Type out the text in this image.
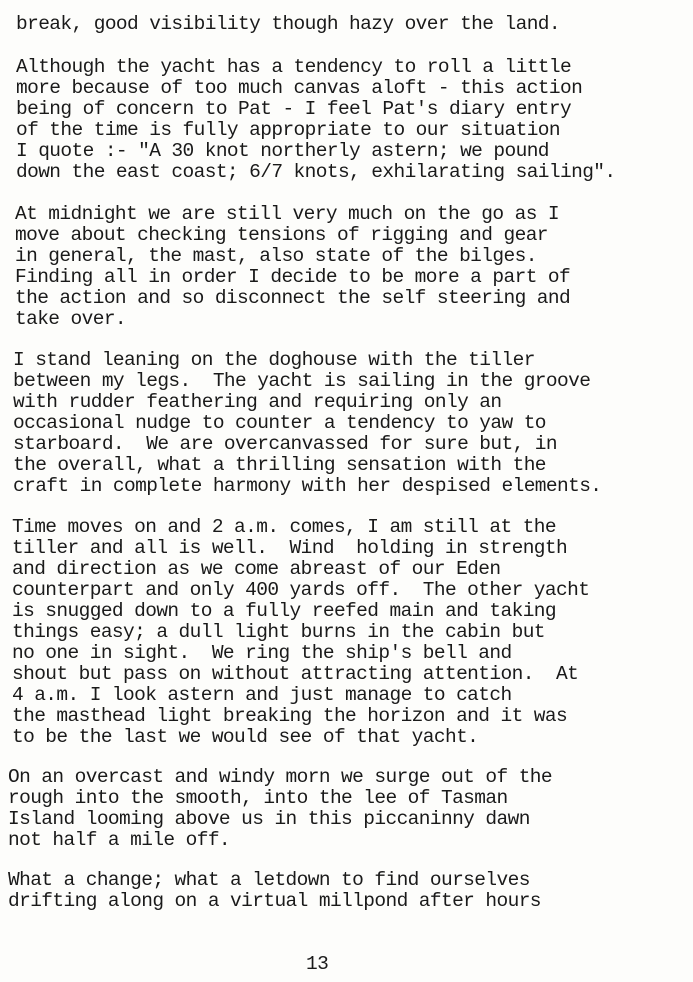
break, good visibility though hazy over the land.
Although the yacht has a tendency to roll a little
more because of too much canvas aloft - this action
being of concern to Pat - I feel Pat's diary entry
of the time is fully appropriate to our situation
I quote :- "A 30 knot northerly astern; we pound
down the east coast; 6/7 knots, exhilarating sailing".
At midnight we are still very much on the go as I
move about checking tensions of rigging and gear
in general, the mast, also state of the bilges.
Finding all in order I decide to be more a part of
the action and so disconnect the self steering and
take over.
I stand leaning on the doghouse with the tiller
between my legs.  The yacht is sailing in the groove
with rudder feathering and requiring only an
occasional nudge to counter a tendency to yaw to
starboard.  We are overcanvassed for sure but, in
the overall, what a thrilling sensation with the
craft in complete harmony with her despised elements.
Time moves on and 2 a.m. comes, I am still at the
tiller and all is well.  Wind  holding in strength
and direction as we come abreast of our Eden
counterpart and only 400 yards off.  The other yacht
is snugged down to a fully reefed main and taking
things easy; a dull light burns in the cabin but
no one in sight.  We ring the ship's bell and
shout but pass on without attracting attention.  At
4 a.m. I look astern and just manage to catch
the masthead light breaking the horizon and it was
to be the last we would see of that yacht.
On an overcast and windy morn we surge out of the
rough into the smooth, into the lee of Tasman
Island looming above us in this piccaninny dawn
not half a mile off.
What a change; what a letdown to find ourselves
drifting along on a virtual millpond after hours
13
